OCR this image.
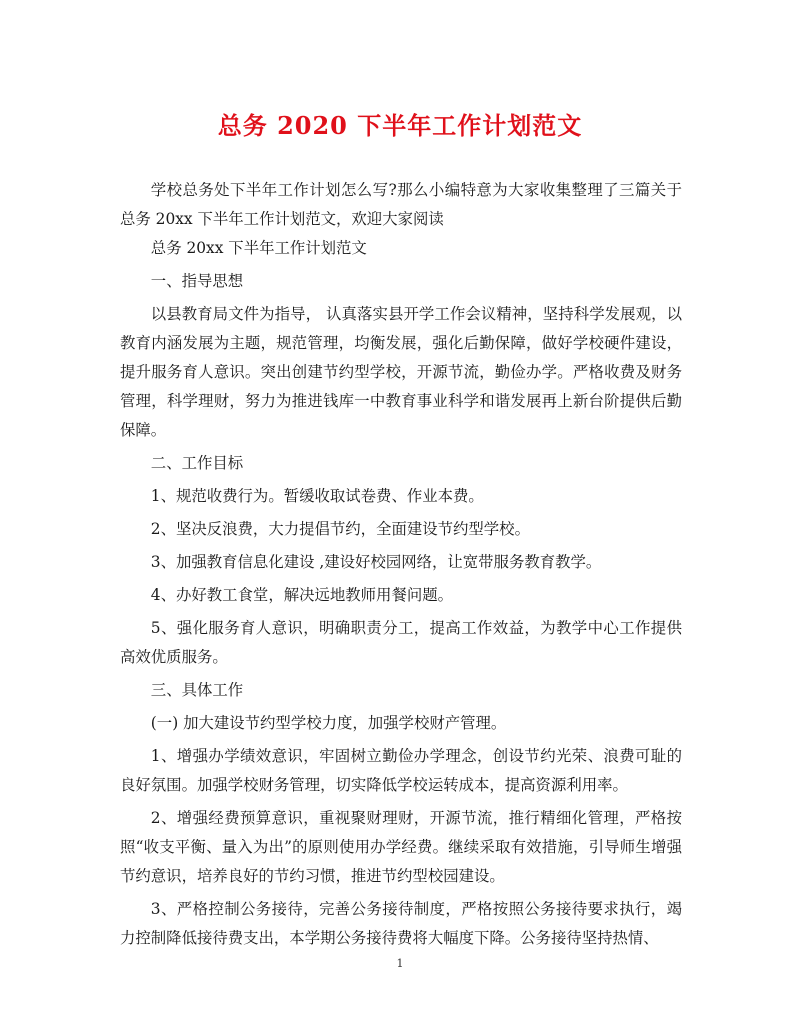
总务 2020 下半年工作计划范文

学校总务处下半年工作计划怎么写?那么小编特意为大家收集整理了三篇关于总务 20xx 下半年工作计划范文，欢迎大家阅读

总务 20xx 下半年工作计划范文

一、指导思想

以县教育局文件为指导， 认真落实县开学工作会议精神，坚持科学发展观，以教育内涵发展为主题，规范管理，均衡发展，强化后勤保障，做好学校硬件建设，提升服务育人意识。突出创建节约型学校，开源节流，勤俭办学。严格收费及财务管理，科学理财，努力为推进钱库一中教育事业科学和谐发展再上新台阶提供后勤保障。

二、工作目标

1、规范收费行为。暂缓收取试卷费、作业本费。

2、坚决反浪费，大力提倡节约，全面建设节约型学校。

3、加强教育信息化建设 ,建设好校园网络，让宽带服务教育教学。

4、办好教工食堂，解决远地教师用餐问题。

5、强化服务育人意识，明确职责分工，提高工作效益，为教学中心工作提供高效优质服务。

三、具体工作

(一) 加大建设节约型学校力度，加强学校财产管理。

1、增强办学绩效意识，牢固树立勤俭办学理念，创设节约光荣、浪费可耻的良好氛围。加强学校财务管理，切实降低学校运转成本，提高资源利用率。

2、增强经费预算意识，重视聚财理财，开源节流，推行精细化管理，严格按照“收支平衡、量入为出”的原则使用办学经费。继续采取有效措施，引导师生增强节约意识，培养良好的节约习惯，推进节约型校园建设。

3、严格控制公务接待，完善公务接待制度，严格按照公务接待要求执行，竭力控制降低接待费支出，本学期公务接待费将大幅度下降。公务接待坚持热情、

1
